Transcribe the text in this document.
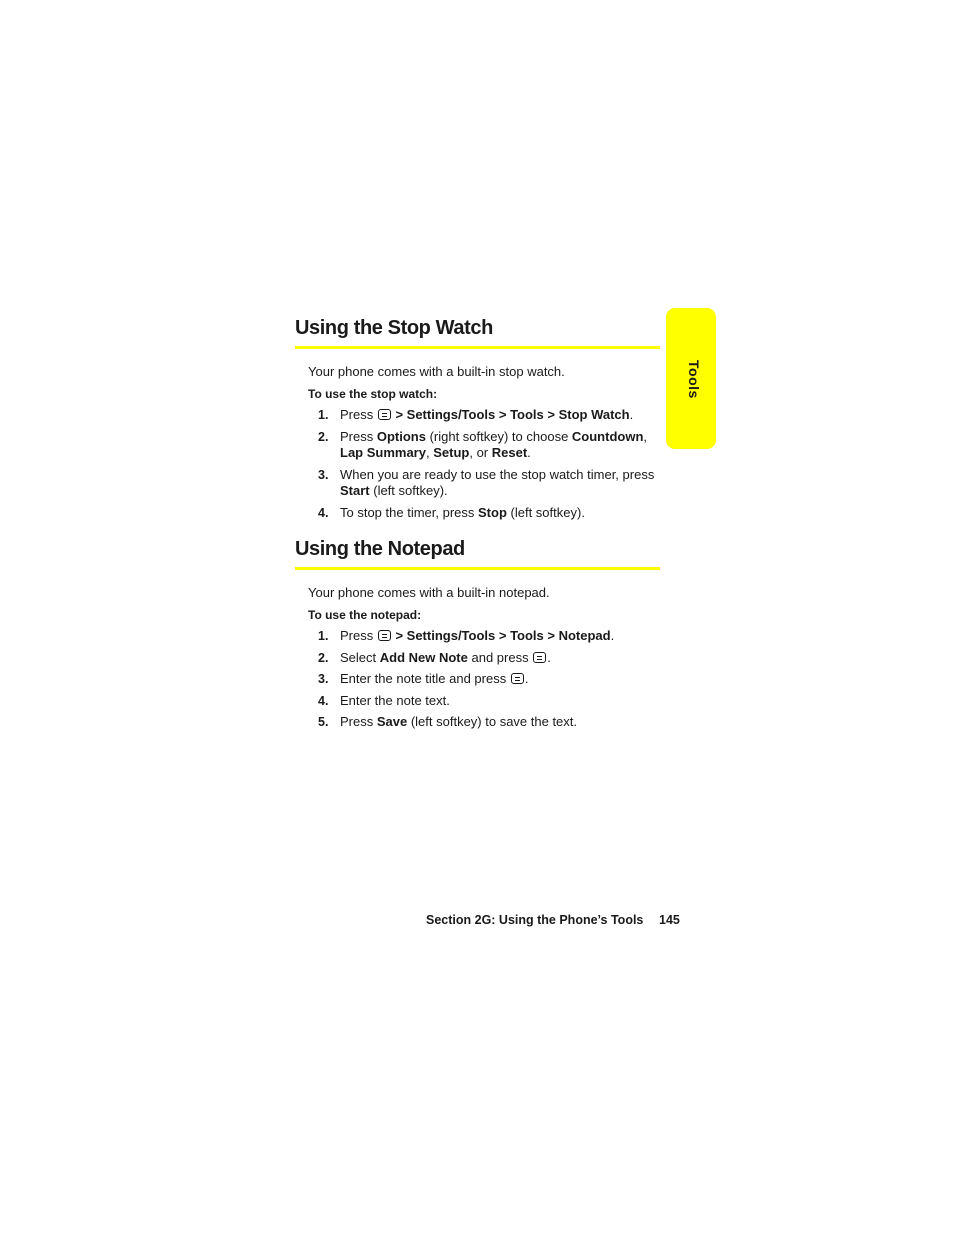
Tools
Using the Stop Watch

Your phone comes with a built-in stop watch.

To use the stop watch:

1. Press  > Settings/Tools > Tools > Stop Watch.
2. Press Options (right softkey) to choose Countdown, Lap Summary, Setup, or Reset.
3. When you are ready to use the stop watch timer, press Start (left softkey).
4. To stop the timer, press Stop (left softkey).
Using the Notepad

Your phone comes with a built-in notepad.

To use the notepad:

1. Press  > Settings/Tools > Tools > Notepad.
2. Select Add New Note and press .
3. Enter the note title and press .
4. Enter the note text.
5. Press Save (left softkey) to save the text.
Section 2G: Using the Phone’s Tools 145
